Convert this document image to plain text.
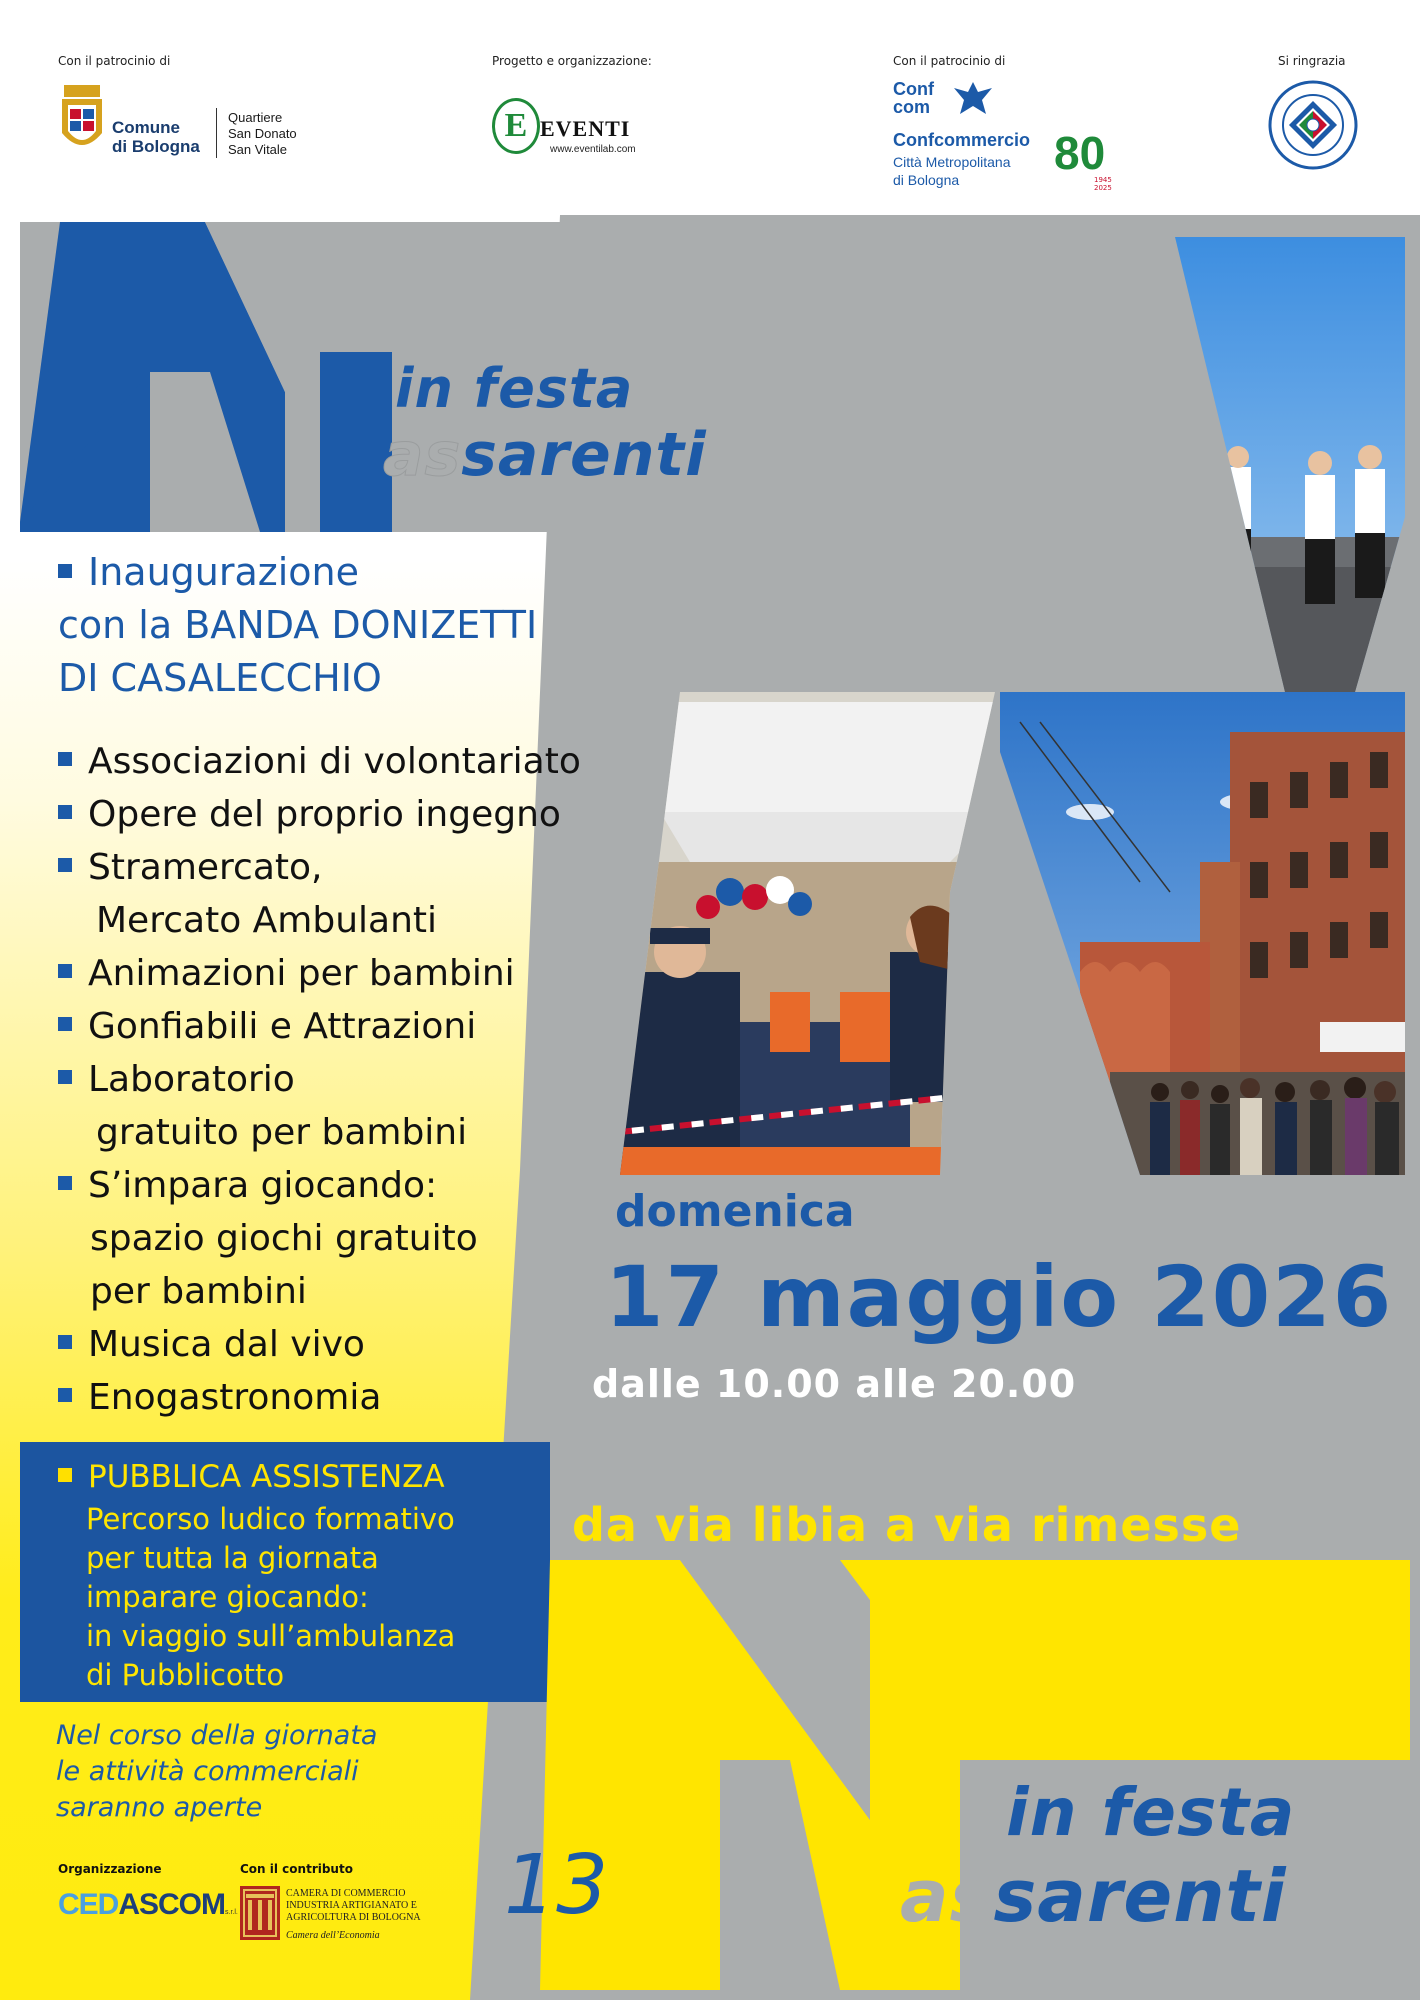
Con il patrocinio di
Comune
di Bologna
Quartiere
San Donato
San Vitale
Progetto e organizzazione:
E EVENTI
www.eventilab.com
Con il patrocinio di
Conf
com
Confcommercio
Città Metropolitana
di Bologna
80
1945 2025
Si ringrazia
in festa
assarenti
Inaugurazione
con la BANDA DONIZETTI
DI CASALECCHIO
Associazioni di volontariato
Opere del proprio ingegno
Stramercato,
Mercato Ambulanti
Animazioni per bambini
Gonfiabili e Attrazioni
Laboratorio
gratuito per bambini
S’impara giocando:
spazio giochi gratuito
per bambini
Musica dal vivo
Enogastronomia
PUBBLICA ASSISTENZA
Percorso ludico formativo
per tutta la giornata
imparare giocando:
in viaggio sull’ambulanza
di Pubblicotto
Nel corso della giornata
le attività commerciali
saranno aperte
Organizzazione
CEDASCOMs.r.l.
Con il contributo
CAMERA DI COMMERCIO
INDUSTRIA ARTIGIANATO E
AGRICOLTURA DI BOLOGNA
Camera dell’Economia
domenica
17 maggio 2026
dalle 10.00 alle 20.00
da via libia a via rimesse
in festa
assarenti
13
